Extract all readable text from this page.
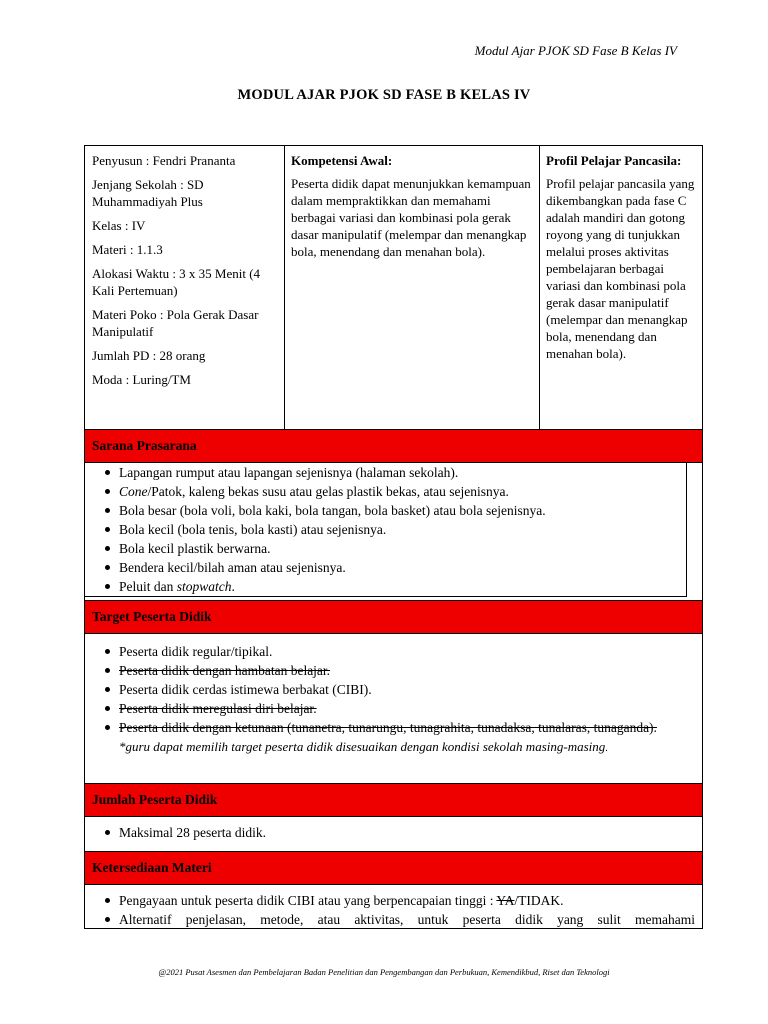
Modul Ajar PJOK SD Fase B Kelas IV
MODUL AJAR PJOK SD FASE B KELAS IV

Penyusun : Fendri Prananta

Jenjang Sekolah : SD Muhammadiyah Plus

Kelas : IV

Materi : 1.1.3

Alokasi Waktu : 3 x 35 Menit (4 Kali Pertemuan)

Materi Poko : Pola Gerak Dasar Manipulatif

Jumlah PD : 28 orang

Moda : Luring/TM

Kompetensi Awal:

Peserta didik dapat menunjukkan kemampuan dalam mempraktikkan dan memahami berbagai variasi dan kombinasi pola gerak dasar manipulatif (melempar dan menangkap bola, menendang dan menahan bola).

Profil Pelajar Pancasila:

Profil pelajar pancasila yang dikembangkan pada fase C adalah mandiri dan gotong royong yang di tunjukkan melalui proses aktivitas pembelajaran berbagai variasi dan kombinasi pola gerak dasar manipulatif (melempar dan menangkap bola, menendang dan menahan bola).

Sarana Prasarana
Lapangan rumput atau lapangan sejenisnya (halaman sekolah).
Cone/Patok, kaleng bekas susu atau gelas plastik bekas, atau sejenisnya.
Bola besar (bola voli, bola kaki, bola tangan, bola basket) atau bola sejenisnya.
Bola kecil (bola tenis, bola kasti) atau sejenisnya.
Bola kecil plastik berwarna.
Bendera kecil/bilah aman atau sejenisnya.
Peluit dan stopwatch.
Target Peserta Didik
Peserta didik regular/tipikal.
Peserta didik dengan hambatan belajar.
Peserta didik cerdas istimewa berbakat (CIBI).
Peserta didik meregulasi diri belajar.
Peserta didik dengan ketunaan (tunanetra, tunarungu, tunagrahita, tunadaksa, tunalaras, tunaganda).
*guru dapat memilih target peserta didik disesuaikan dengan kondisi sekolah masing-masing.
Jumlah Peserta Didik
Maksimal 28 peserta didik.
Ketersediaan Materi
Pengayaan untuk peserta didik CIBI atau yang berpencapaian tinggi : YA/TIDAK.
Alternatif penjelasan, metode, atau aktivitas, untuk peserta didik yang sulit memahami
@2021 Pusat Asesmen dan Pembelajaran Badan Penelitian dan Pengembangan dan Perbukuan, Kemendikbud, Riset dan Teknologi
